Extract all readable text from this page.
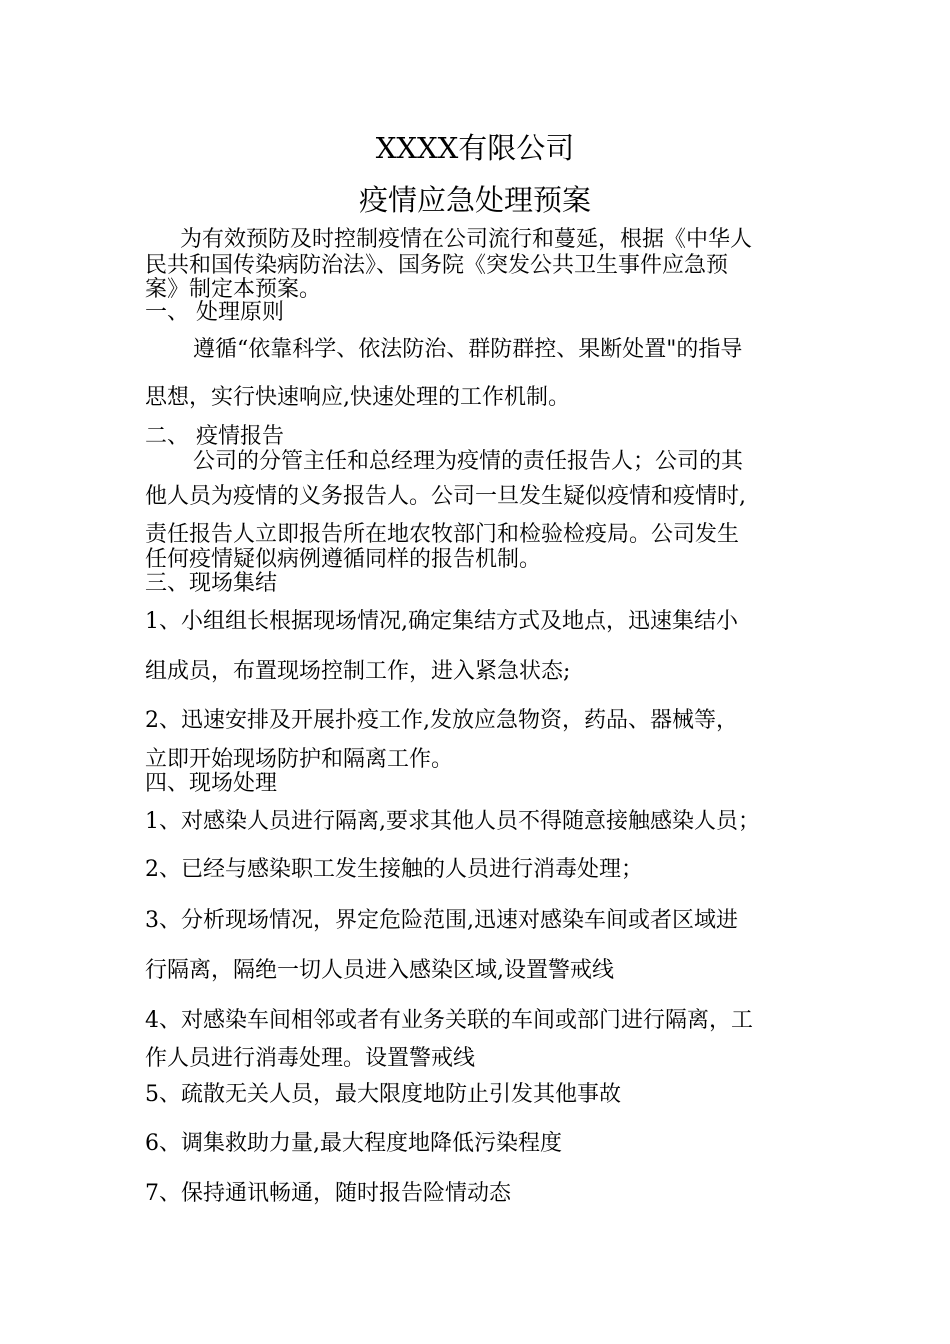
XXXX有限公司
疫情应急处理预案
为有效预防及时控制疫情在公司流行和蔓延，根据《中华人
民共和国传染病防治法》、国务院《突发公共卫生事件应急预
案》制定本预案。
一、 处理原则
遵循“依靠科学、依法防治、群防群控、果断处置"的指导
思想，实行快速响应,快速处理的工作机制。
二、 疫情报告
公司的分管主任和总经理为疫情的责任报告人；公司的其
他人员为疫情的义务报告人。公司一旦发生疑似疫情和疫情时,
责任报告人立即报告所在地农牧部门和检验检疫局。公司发生
任何疫情疑似病例遵循同样的报告机制。
三、现场集结
1、小组组长根据现场情况,确定集结方式及地点，迅速集结小
组成员，布置现场控制工作，进入紧急状态;
2、迅速安排及开展扑疫工作,发放应急物资，药品、器械等，
立即开始现场防护和隔离工作。
四、现场处理
1、对感染人员进行隔离,要求其他人员不得随意接触感染人员；
2、已经与感染职工发生接触的人员进行消毒处理；
3、分析现场情况，界定危险范围,迅速对感染车间或者区域进
行隔离，隔绝一切人员进入感染区域,设置警戒线
4、对感染车间相邻或者有业务关联的车间或部门进行隔离，工
作人员进行消毒处理。设置警戒线
5、疏散无关人员，最大限度地防止引发其他事故
6、调集救助力量,最大程度地降低污染程度
7、保持通讯畅通，随时报告险情动态
